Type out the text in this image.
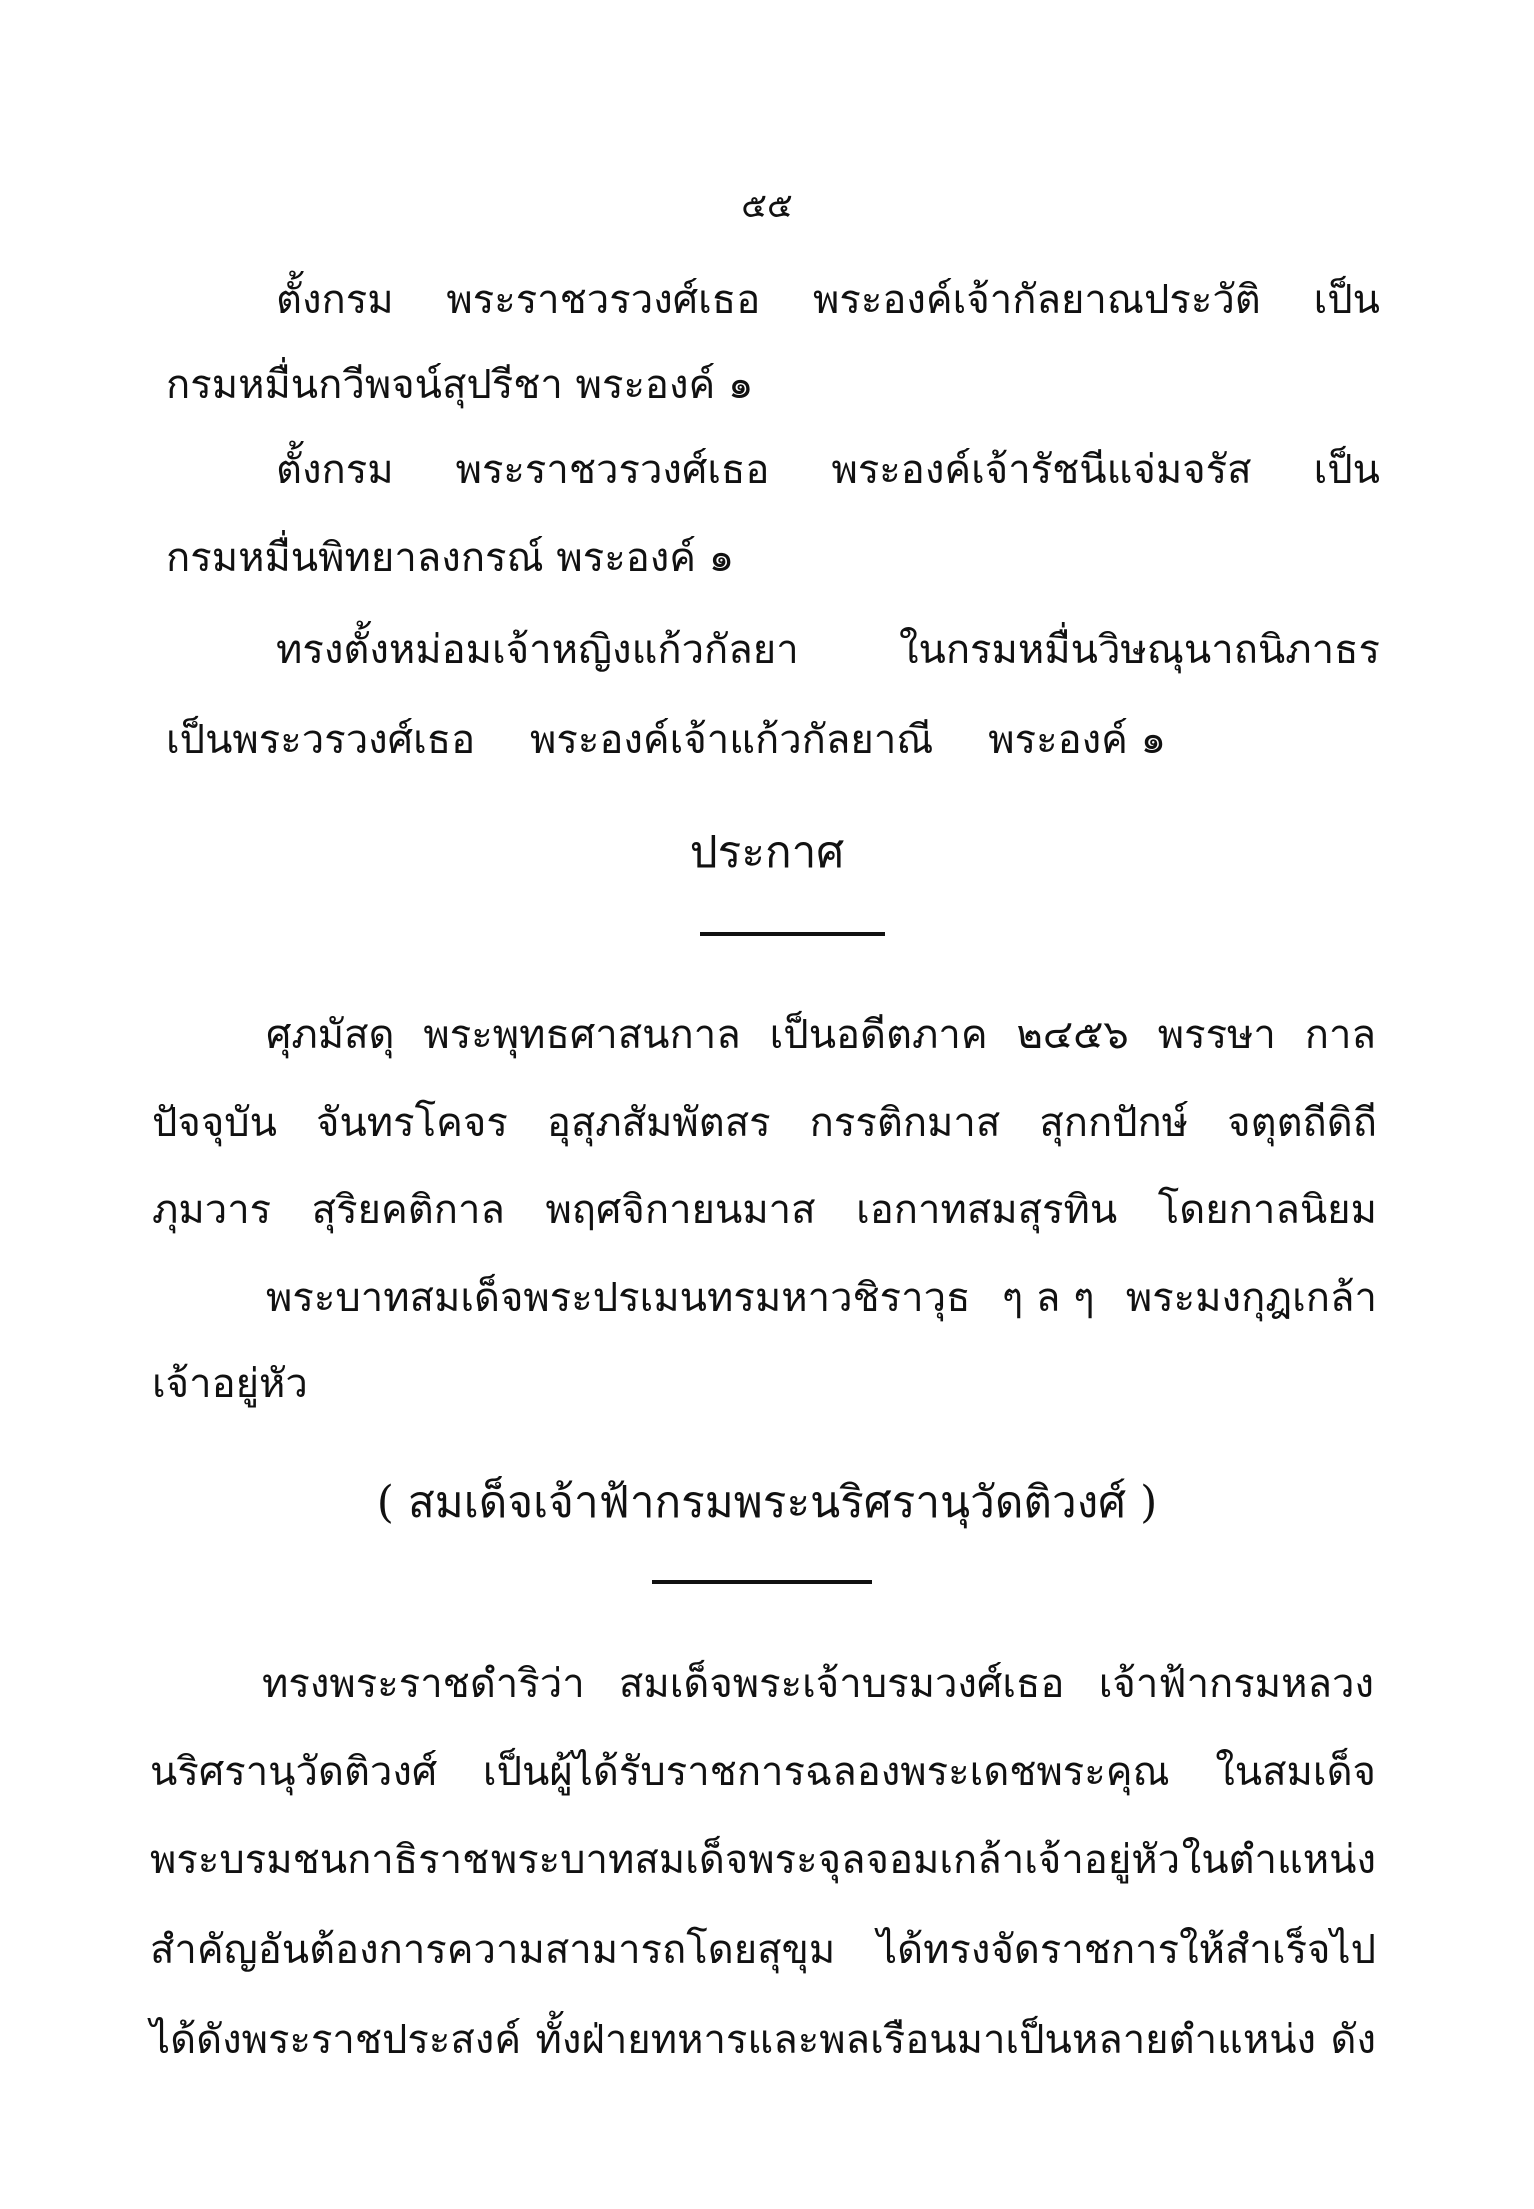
๕๕
ตั้งกรม พระราชวรวงศ์เธอ พระองค์เจ้ากัลยาณประวัติ เป็น
กรมหมื่นกวีพจน์สุปรีชา พระองค์ ๑
ตั้งกรม พระราชวรวงศ์เธอ พระองค์เจ้ารัชนีแจ่มจรัส เป็น
กรมหมื่นพิทยาลงกรณ์ พระองค์ ๑
ทรงตั้งหม่อมเจ้าหญิงแก้วกัลยา	ในกรมหมื่นวิษณุนาถนิภาธร
เป็นพระวรวงศ์เธอ พระองค์เจ้าแก้วกัลยาณี พระองค์ ๑
ประกาศ
ศุภมัสดุ พระพุทธศาสนกาล เป็นอดีตภาค ๒๔๕๖ พรรษา กาล
ปัจจุบัน จันทรโคจร อุสุภสัมพัตสร กรรติกมาส สุกกปักษ์ จตุตถีดิถี
ภุมวาร สุริยคติกาล พฤศจิกายนมาส เอกาทสมสุรทิน โดยกาลนิยม
พระบาทสมเด็จพระปรเมนทรมหาวชิราวุธ ๆ ล ๆ พระมงกุฎเกล้า
เจ้าอยู่หัว
( สมเด็จเจ้าฟ้ากรมพระนริศรานุวัดติวงศ์ )
ทรงพระราชดำริว่า สมเด็จพระเจ้าบรมวงศ์เธอ เจ้าฟ้ากรมหลวง
นริศรานุวัดติวงศ์ เป็นผู้ได้รับราชการฉลองพระเดชพระคุณ ในสมเด็จ
พระบรมชนกาธิราช พระบาทสมเด็จพระจุลจอมเกล้าเจ้าอยู่หัว ในตำแหน่ง
สำคัญอันต้องการความสามารถโดยสุขุม ได้ทรงจัดราชการให้สำเร็จไป
ได้ดังพระราชประสงค์ ทั้งฝ่ายทหารและพลเรือนมาเป็นหลายตำแหน่ง ดัง
